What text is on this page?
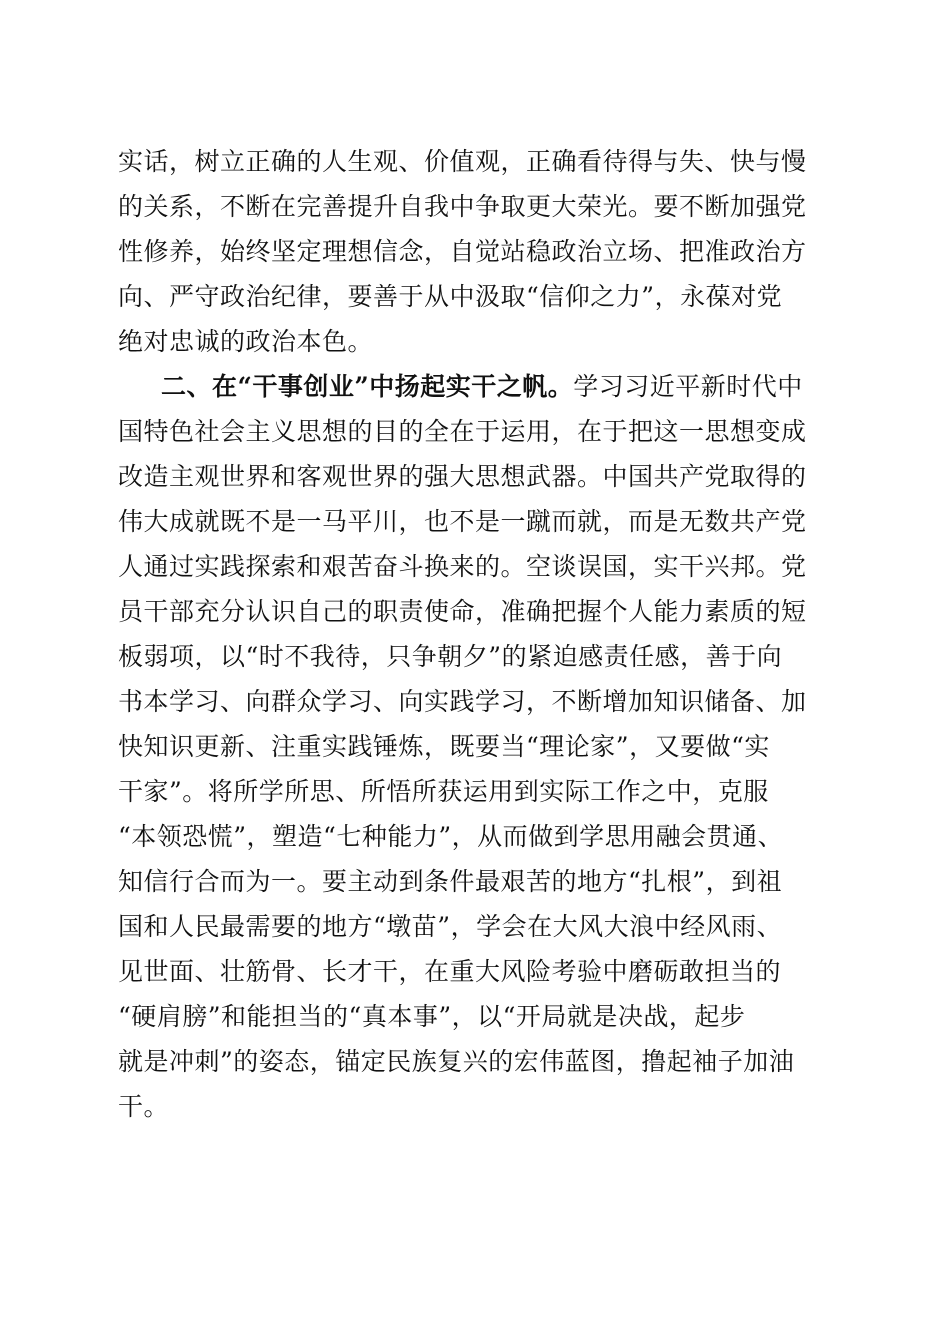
实话，树立正确的人生观、价值观，正确看待得与失、快与慢
的关系，不断在完善提升自我中争取更大荣光。要不断加强党
性修养，始终坚定理想信念，自觉站稳政治立场、把准政治方
向、严守政治纪律，要善于从中汲取“信仰之力”，永葆对党
绝对忠诚的政治本色。
二、在“干事创业”中扬起实干之帆。学习习近平新时代中
国特色社会主义思想的目的全在于运用，在于把这一思想变成
改造主观世界和客观世界的强大思想武器。中国共产党取得的
伟大成就既不是一马平川，也不是一蹴而就，而是无数共产党
人通过实践探索和艰苦奋斗换来的。空谈误国，实干兴邦。党
员干部充分认识自己的职责使命，准确把握个人能力素质的短
板弱项，以“时不我待，只争朝夕”的紧迫感责任感，善于向
书本学习、向群众学习、向实践学习，不断增加知识储备、加
快知识更新、注重实践锤炼，既要当“理论家”，又要做“实
干家”。将所学所思、所悟所获运用到实际工作之中，克服
“本领恐慌”，塑造“七种能力”，从而做到学思用融会贯通、
知信行合而为一。要主动到条件最艰苦的地方“扎根”，到祖
国和人民最需要的地方“墩苗”，学会在大风大浪中经风雨、
见世面、壮筋骨、长才干，在重大风险考验中磨砺敢担当的
“硬肩膀”和能担当的“真本事”，以“开局就是决战，起步
就是冲刺”的姿态，锚定民族复兴的宏伟蓝图，撸起袖子加油
干。
